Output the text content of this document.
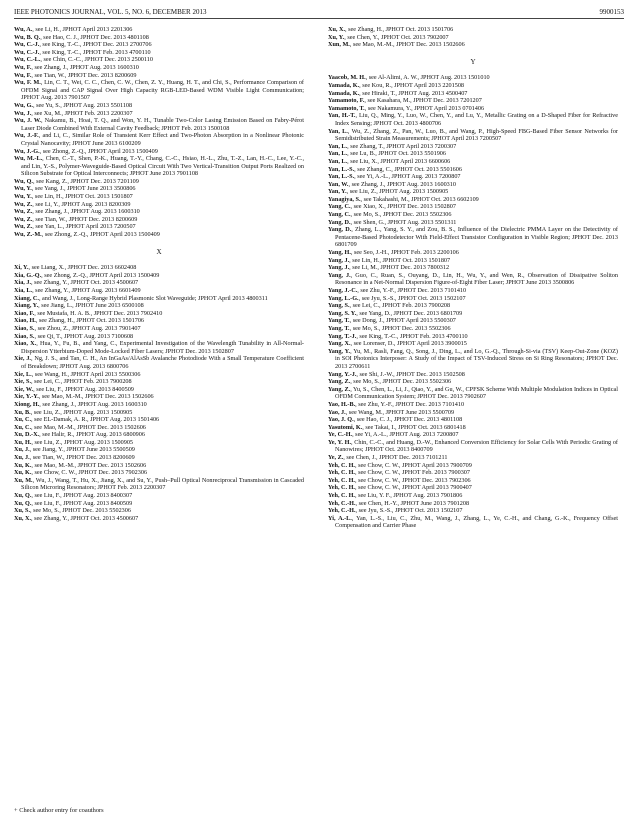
IEEE PHOTONICS JOURNAL, VOL. 5, NO. 6, DECEMBER 2013	9900153
Wu, A., see Li, H., JPHOT April 2013 2201306
Wu, B. Q., see Hao, C. J., JPHOT Dec. 2013 4801108
Wu, C.-J., see King, T.-C., JPHOT Dec. 2013 2700706
Wu, C.-J., see King, T.-C., JPHOT Feb. 2013 4700110
Wu, C.-L., see Chin, C.-C., JPHOT Dec. 2013 2500110
Wu, F., see Zhang, J., JPHOT Aug. 2013 1600310
Wu, F., see Tian, W., JPHOT Dec. 2013 8200609
Wu, F. M., Lin, C. T., Wei, C. C., Chen, C. W., Chen, Z. Y., Huang, H. T., and Chi, S., Performance Comparison of OFDM Signal and CAP Signal Over High Capacity RGB-LED-Based WDM Visible Light Communication; JPHOT Aug. 2013 7901507
Wu, G., see Yu, S., JPHOT Aug. 2013 5501108
Wu, J., see Xu, M., JPHOT Feb. 2013 2200307
Wu, J. W., Nakamu, B., Hoai, T. Q., and Won, Y. H., Tunable Two-Color Lasing Emission Based on Fabry-Pérot Laser Diode Combined With External Cavity Feedback; JPHOT Feb. 2013 1500108
Wu, J.-F., and Li, C., Similar Role of Transient Kerr Effect and Two-Photon Absorption in a Nonlinear Photonic Crystal Nanocavity; JPHOT June 2013 6100209
Wu, J.-G., see Zhong, Z.-Q., JPHOT April 2013 1500409
Wu, M.-L., Chen, C.-T., Shen, P.-K., Huang, T.-Y., Chang, C.-C., Hsiao, H.-L., Zhu, T.-Z., Lan, H.-C., Lee, Y.-C., and Lin, Y.-S., Polymer-Waveguide-Based Optical Circuit With Two Vertical-Transition Output Ports Realized on Silicon Substrate for Optical Interconnects; JPHOT June 2013 7901108
Wu, Q., see Kang, Z., JPHOT Dec. 2013 7201109
Wu, Y., see Yang, J., JPHOT June 2013 3500806
Wu, Y., see Lin, H., JPHOT Oct. 2013 1501807
Wu, Z., see Li, Y., JPHOT Aug. 2013 8200309
Wu, Z., see Zhang, J., JPHOT Aug. 2013 1600310
Wu, Z., see Tian, W., JPHOT Dec. 2013 8200609
Wu, Z., see Yan, L., JPHOT April 2013 7200507
Wu, Z.-M., see Zhong, Z.-Q., JPHOT April 2013 1500409
X
Xi, Y., see Liang, X., JPHOT Dec. 2013 6602408
Xia, G.-Q., see Zhong, Z.-Q., JPHOT April 2013 1500409
Xia, J., see Zhang, Y., JPHOT Oct. 2013 4500607
Xia, L., see Zhang, Y., JPHOT Aug. 2013 6601409
Xiang, C., and Wang, J., Long-Range Hybrid Plasmonic Slot Waveguide; JPHOT April 2013 4800311
Xiang, Y., see Jiang, L., JPHOT June 2013 6500108
Xiao, F., see Mustafa, H. A. B., JPHOT Dec. 2013 7902410
Xiao, H., see Zhang, H., JPHOT Oct. 2013 1501706
Xiao, S., see Zhou, Z., JPHOT Aug. 2013 7901407
Xiao, S., see Qi, T., JPHOT Aug. 2013 7100608
Xiao, X., Hua, Y., Fu, B., and Yang, C., Experimental Investigation of the Wavelength Tunability in All-Normal-Dispersion Ytterbium-Doped Mode-Locked Fiber Lasers; JPHOT Dec. 2013 1502807
Xie, J., Ng, J. S., and Tan, C. H., An InGaAs/AlAsSb Avalanche Photodiode With a Small Temperature Coefficient of Breakdown; JPHOT Aug. 2013 6800706
Xie, L., see Wang, H., JPHOT April 2013 5500306
Xie, S., see Lei, C., JPHOT Feb. 2013 7900208
Xie, W., see Liu, F., JPHOT Aug. 2013 8400509
Xie, Y.-Y., see Mao, M.-M., JPHOT Dec. 2013 1502606
Xiong, H., see Zhang, J., JPHOT Aug. 2013 1600310
Xu, B., see Liu, Z., JPHOT Aug. 2013 1500905
Xu, C., see EL-Damak, A. R., JPHOT Aug. 2013 1501406
Xu, C., see Mao, M.-M., JPHOT Dec. 2013 1502606
Xu, D.-X., see Halir, R., JPHOT Aug. 2013 6800906
Xu, H., see Liu, Z., JPHOT Aug. 2013 1500905
Xu, J., see Jiang, Y., JPHOT June 2013 5500509
Xu, J., see Tian, W., JPHOT Dec. 2013 8200609
Xu, K., see Mao, M.-M., JPHOT Dec. 2013 1502606
Xu, K., see Chow, C. W., JPHOT Dec. 2013 7902306
Xu, M., Wu, J., Wang, T., Hu, X., Jiang, X., and Su, Y., Push–Pull Optical Nonreciprocal Transmission in Cascaded Silicon Microring Resonators; JPHOT Feb. 2013 2200307
Xu, Q., see Liu, F., JPHOT Aug. 2013 8400307
Xu, Q., see Liu, F., JPHOT Aug. 2013 8400509
Xu, S., see Mo, S., JPHOT Dec. 2013 5502306
Xu, X., see Zhang, Y., JPHOT Oct. 2013 4500607
Xu, X., see Zhang, H., JPHOT Oct. 2013 1501706
Xu, Y., see Chen, Y., JPHOT Oct. 2013 7902007
Xun, M., see Mao, M.-M., JPHOT Dec. 2013 1502606
Y
Yaacob, M. H., see Al-Alimi, A. W., JPHOT Aug. 2013 1501010
Yamada, K., see Kou, R., JPHOT April 2013 2201508
Yamada, K., see Hiraki, T., JPHOT Aug. 2013 4500407
Yamamoto, F., see Kasahara, M., JPHOT Dec. 2013 7201207
Yamamoto, T., see Nakamura, Y., JPHOT April 2013 0701406
Yan, H.-T., Liu, Q., Ming, Y., Luo, W., Chen, Y., and Lu, Y., Metallic Grating on a D-Shaped Fiber for Refractive Index Sensing; JPHOT Oct. 2013 4800706
Yan, L., Wu, Z., Zhang, Z., Pan, W., Luo, B., and Wang, P., High-Speed FBG-Based Fiber Sensor Networks for Semidistributed Strain Measurements; JPHOT April 2013 7200507
Yan, L., see Zhang, T., JPHOT April 2013 7200307
Yan, L., see Lu, B., JPHOT Oct. 2013 5501906
Yan, L., see Liu, X., JPHOT April 2013 6600606
Yan, L.-S., see Zhang, C., JPHOT Oct. 2013 5501606
Yan, L.-S., see Yi, A.-L., JPHOT Aug. 2013 7200807
Yan, W., see Zhang, J., JPHOT Aug. 2013 1600310
Yan, Y., see Liu, Z., JPHOT Aug. 2013 1500905
Yanagiya, S., see Takahashi, M., JPHOT Oct. 2013 6602109
Yang, C., see Xiao, X., JPHOT Dec. 2013 1502807
Yang, C., see Mo, S., JPHOT Dec. 2013 5502306
Yang, D., see Shen, G., JPHOT Aug. 2013 5501311
Yang, D., Zhang, L., Yang, S. Y., and Zou, B. S., Influence of the Dielectric PMMA Layer on the Detectivity of Pentacene-Based Photodetector With Field-Effect Transistor Configuration in Visible Region; JPHOT Dec. 2013 6801709
Yang, H., see Seo, J.-H., JPHOT Feb. 2013 2200106
Yang, J., see Lin, H., JPHOT Oct. 2013 1501807
Yang, J., see Li, M., JPHOT Dec. 2013 7800312
Yang, J., Guo, C., Ruan, S., Ouyang, D., Lin, H., Wu, Y., and Wen, R., Observation of Dissipative Soliton Resonance in a Net-Normal Dispersion Figure-of-Eight Fiber Laser; JPHOT June 2013 3500806
Yang, J.-C., see Zhu, Y.-F., JPHOT Dec. 2013 7101410
Yang, L.-G., see Jyu, S.-S., JPHOT Oct. 2013 1502107
Yang, S., see Lei, C., JPHOT Feb. 2013 7900208
Yang, S. Y., see Yang, D., JPHOT Dec. 2013 6801709
Yang, T., see Dong, J., JPHOT April 2013 5500307
Yang, T., see Mo, S., JPHOT Dec. 2013 5502306
Yang, T.-J., see King, T.-C., JPHOT Feb. 2013 4700110
Yang, X., see Lorenser, D., JPHOT April 2013 3900015
Yang, Y., Yu, M., Rasli, Fang, Q., Song, J., Ding, L., and Lo, G.-Q., Through-Si-via (TSV) Keep-Out-Zone (KOZ) in SOI Photonics Interposer: A Study of the Impact of TSV-Induced Stress on Si Ring Resonators; JPHOT Dec. 2013 2700611
Yang, Y.-J., see Shi, J.-W., JPHOT Dec. 2013 1502508
Yang, Z., see Mo, S., JPHOT Dec. 2013 5502306
Yang, Z., Yu, S., Chen, L., Li, J., Qiao, Y., and Gu, W., CPFSK Scheme With Multiple Modulation Indices in Optical OFDM Communication System; JPHOT Dec. 2013 7902607
Yao, H.-B., see Zhu, Y.-F., JPHOT Dec. 2013 7101410
Yao, J., see Wang, M., JPHOT June 2013 5500709
Yao, J. Q., see Hao, C. J., JPHOT Dec. 2013 4801108
Yasutomi, K., see Takai, I., JPHOT Oct. 2013 6801418
Ye, C.-H., see Yi, A.-L., JPHOT Aug. 2013 7200807
Ye, Y. H., Chin, C.-C., and Huang, D.-W., Enhanced Conversion Efficiency for Solar Cells With Periodic Grating of Nanowires; JPHOT Oct. 2013 8400709
Ye, Z., see Chen, J., JPHOT Dec. 2013 7101211
Yeh, C. H., see Chow, C. W., JPHOT April 2013 7900709
Yeh, C. H., see Chow, C. W., JPHOT Feb. 2013 7900307
Yeh, C. H., see Chow, C. W., JPHOT Dec. 2013 7902306
Yeh, C. H., see Chow, C. W., JPHOT April 2013 7900407
Yeh, C. H., see Liu, Y. F., JPHOT Aug. 2013 7901806
Yeh, C.-H., see Chen, H.-Y., JPHOT June 2013 7901208
Yeh, C.-H., see Jyu, S.-S., JPHOT Oct. 2013 1502107
Yi, A.-L., Yan, L.-S., Liu, C., Zhu, M., Wang, J., Zhang, L., Ye, C.-H., and Chang, G.-K., Frequency Offset Compensation and Carrier Phase
+ Check author entry for coauthors
